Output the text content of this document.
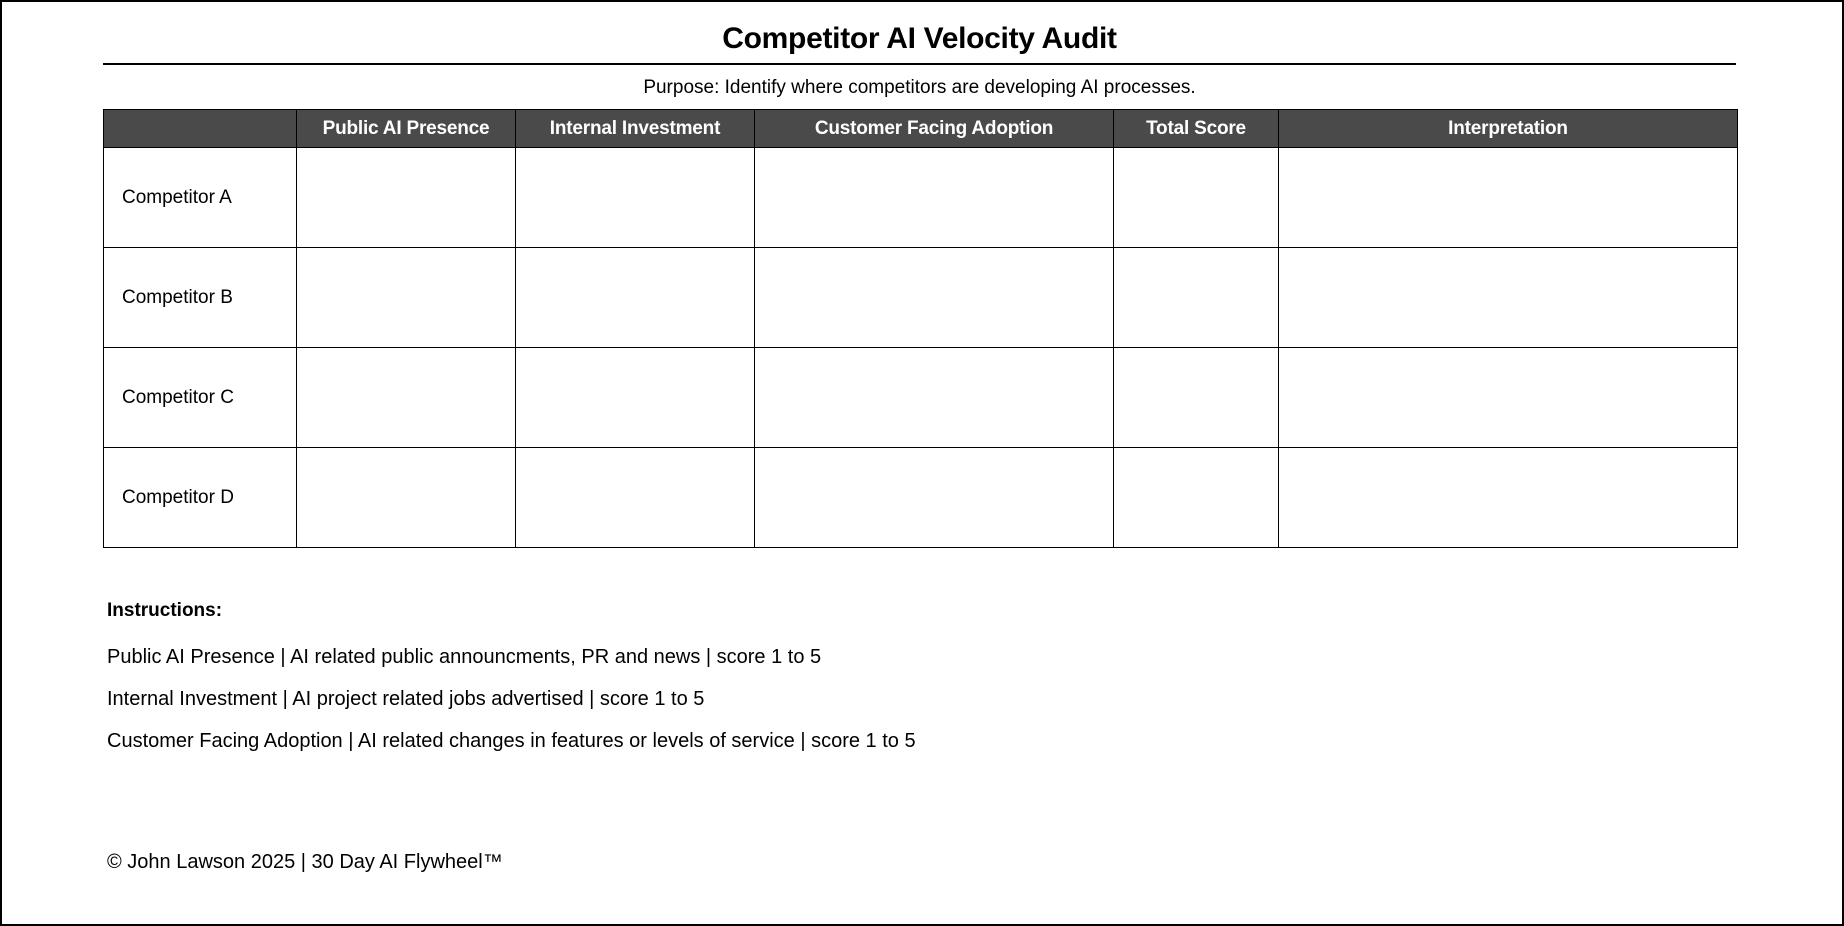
Competitor AI Velocity Audit
Purpose: Identify where competitors are developing AI processes.
	Public AI Presence	Internal Investment	Customer Facing Adoption	Total Score	Interpretation
Competitor A					
Competitor B					
Competitor C					
Competitor D					

Instructions:

Public AI Presence | AI related public announcments, PR and news | score 1 to 5

Internal Investment | AI project related jobs advertised | score 1 to 5

Customer Facing Adoption | AI related changes in features or levels of service | score 1 to 5

© John Lawson 2025 | 30 Day AI Flywheel™
